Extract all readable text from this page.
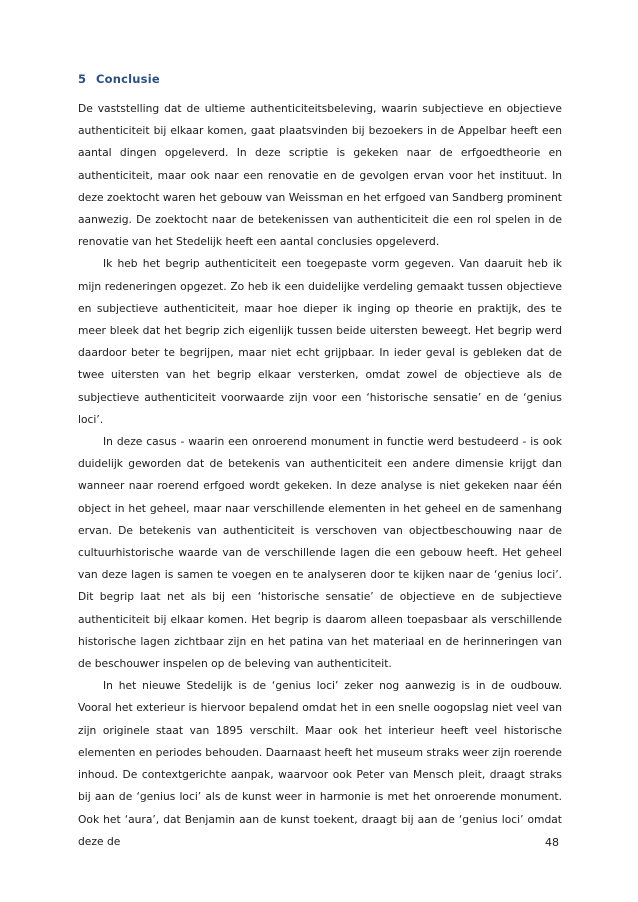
5 Conclusie

De vaststelling dat de ultieme authenticiteitsbeleving, waarin subjectieve en objectieve authenticiteit bij elkaar komen, gaat plaatsvinden bij bezoekers in de Appelbar heeft een aantal dingen opgeleverd. In deze scriptie is gekeken naar de erfgoedtheorie en authenticiteit, maar ook naar een renovatie en de gevolgen ervan voor het instituut. In deze zoektocht waren het gebouw van Weissman en het erfgoed van Sandberg prominent aanwezig. De zoektocht naar de betekenissen van authenticiteit die een rol spelen in de renovatie van het Stedelijk heeft een aantal conclusies opgeleverd.

Ik heb het begrip authenticiteit een toegepaste vorm gegeven. Van daaruit heb ik mijn redeneringen opgezet. Zo heb ik een duidelijke verdeling gemaakt tussen objectieve en subjectieve authenticiteit, maar hoe dieper ik inging op theorie en praktijk, des te meer bleek dat het begrip zich eigenlijk tussen beide uitersten beweegt. Het begrip werd daardoor beter te begrijpen, maar niet echt grijpbaar. In ieder geval is gebleken dat de twee uitersten van het begrip elkaar versterken, omdat zowel de objectieve als de subjectieve authenticiteit voorwaarde zijn voor een ‘historische sensatie’ en de ‘genius loci’.

In deze casus - waarin een onroerend monument in functie werd bestudeerd - is ook duidelijk geworden dat de betekenis van authenticiteit een andere dimensie krijgt dan wanneer naar roerend erfgoed wordt gekeken. In deze analyse is niet gekeken naar één object in het geheel, maar naar verschillende elementen in het geheel en de samenhang ervan. De betekenis van authenticiteit is verschoven van objectbeschouwing naar de cultuurhistorische waarde van de verschillende lagen die een gebouw heeft. Het geheel van deze lagen is samen te voegen en te analyseren door te kijken naar de ‘genius loci’. Dit begrip laat net als bij een ‘historische sensatie’ de objectieve en de subjectieve authenticiteit bij elkaar komen. Het begrip is daarom alleen toepasbaar als verschillende historische lagen zichtbaar zijn en het patina van het materiaal en de herinneringen van de beschouwer inspelen op de beleving van authenticiteit.

In het nieuwe Stedelijk is de ‘genius loci’ zeker nog aanwezig is in de oudbouw. Vooral het exterieur is hiervoor bepalend omdat het in een snelle oogopslag niet veel van zijn originele staat van 1895 verschilt. Maar ook het interieur heeft veel historische elementen en periodes behouden. Daarnaast heeft het museum straks weer zijn roerende inhoud. De contextgerichte aanpak, waarvoor ook Peter van Mensch pleit, draagt straks bij aan de ‘genius loci’ als de kunst weer in harmonie is met het onroerende monument. Ook het ‘aura’, dat Benjamin aan de kunst toekent, draagt bij aan de ‘genius loci’ omdat deze de	48
